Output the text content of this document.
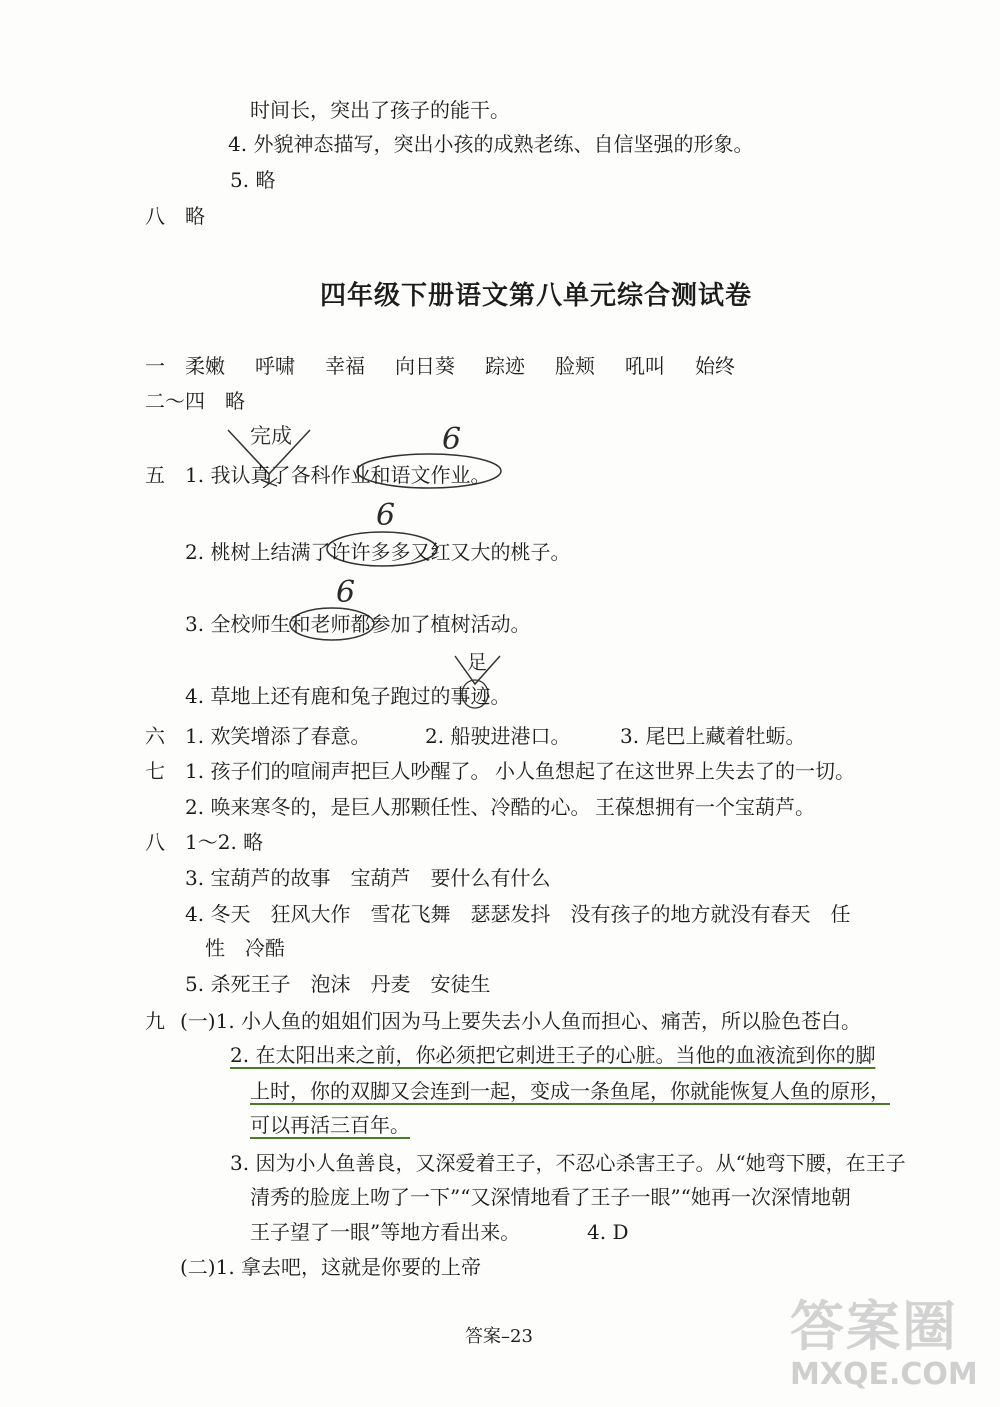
时间长，突出了孩子的能干。
4. 外貌神态描写，突出小孩的成熟老练、自信坚强的形象。
5. 略
八　略
四年级下册语文第八单元综合测试卷
一 柔嫩 呼啸 幸福 向日葵 踪迹 脸颊 吼叫 始终
二～四　略
五
完成	6
1. 我认真了各科作业和语文作业。
6
2. 桃树上结满了许许多多又红又大的桃子。
6
3. 全校师生和老师都参加了植树活动。
足
4. 草地上还有鹿和兔子跑过的事迹。
六 1. 欢笑增添了春意。	2. 船驶进港口。 3. 尾巴上藏着牡蛎。
七 1. 孩子们的喧闹声把巨人吵醒了。 小人鱼想起了在这世界上失去了的一切。
2. 唤来寒冬的，是巨人那颗任性、冷酷的心。 王葆想拥有一个宝葫芦。
八 1～2. 略
3. 宝葫芦的故事　宝葫芦　要什么有什么
4. 冬天　狂风大作　雪花飞舞　瑟瑟发抖　没有孩子的地方就没有春天　任
性　冷酷
5. 杀死王子　泡沫　丹麦　安徒生
九 (一)1. 小人鱼的姐姐们因为马上要失去小人鱼而担心、痛苦，所以脸色苍白。
2. 在太阳出来之前，你必须把它刺进王子的心脏。当他的血液流到你的脚
上时，你的双脚又会连到一起，变成一条鱼尾，你就能恢复人鱼的原形，
可以再活三百年。
3. 因为小人鱼善良，又深爱着王子，不忍心杀害王子。从“她弯下腰，在王子
清秀的脸庞上吻了一下”“又深情地看了王子一眼”“她再一次深情地朝
王子望了一眼”等地方看出来。	4. D
(二)1. 拿去吧，这就是你要的上帝
答案–23	答案圈
MXQE.COM
